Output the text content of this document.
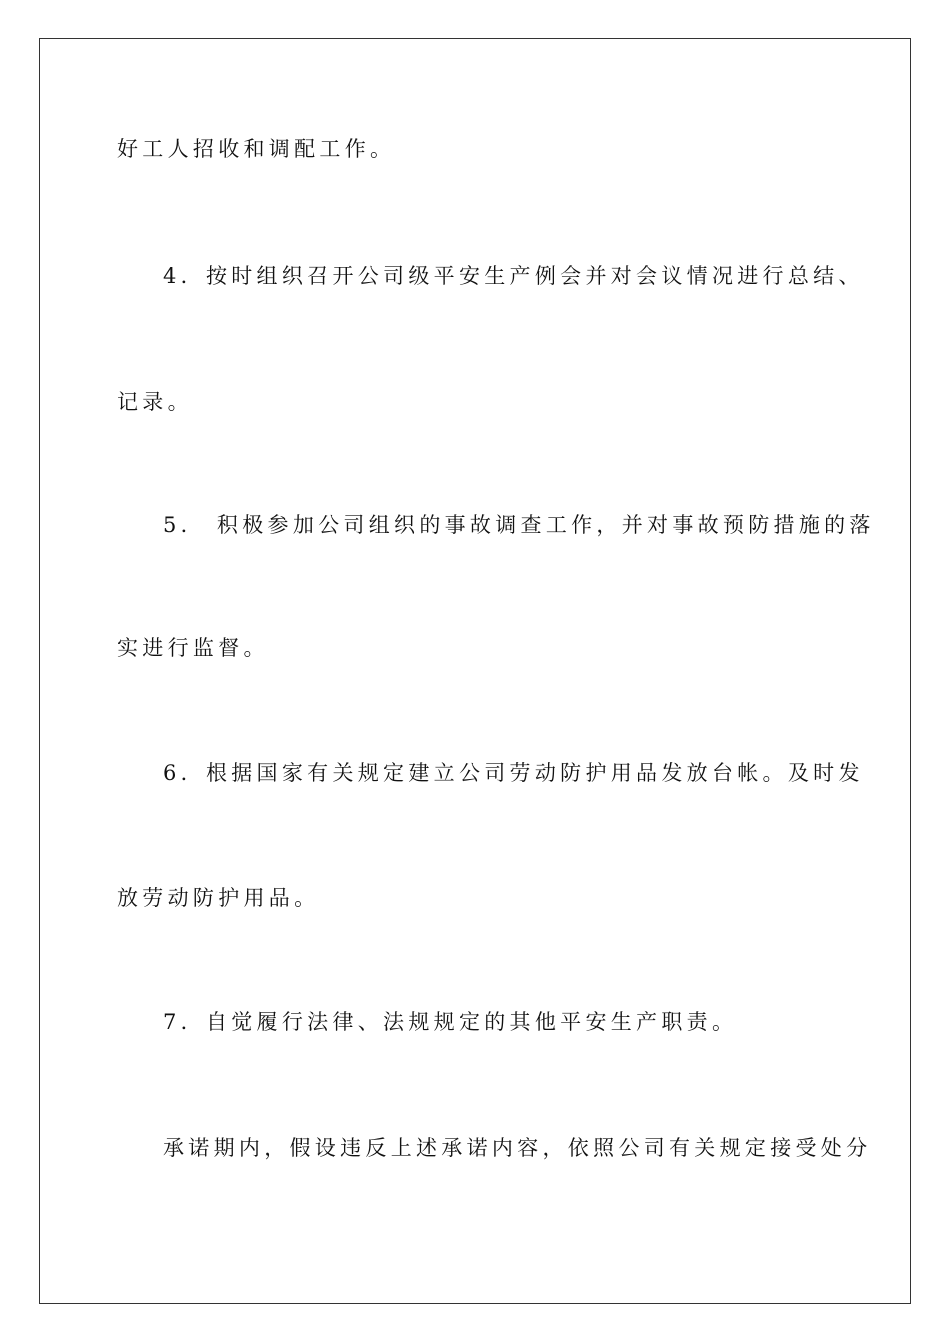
好工人招收和调配工作。
4．按时组织召开公司级平安生产例会并对会议情况进行总结、
记录。
5． 积极参加公司组织的事故调查工作，并对事故预防措施的落
实进行监督。
6．根据国家有关规定建立公司劳动防护用品发放台帐。及时发
放劳动防护用品。
7．自觉履行法律、法规规定的其他平安生产职责。
承诺期内，假设违反上述承诺内容，依照公司有关规定接受处分
